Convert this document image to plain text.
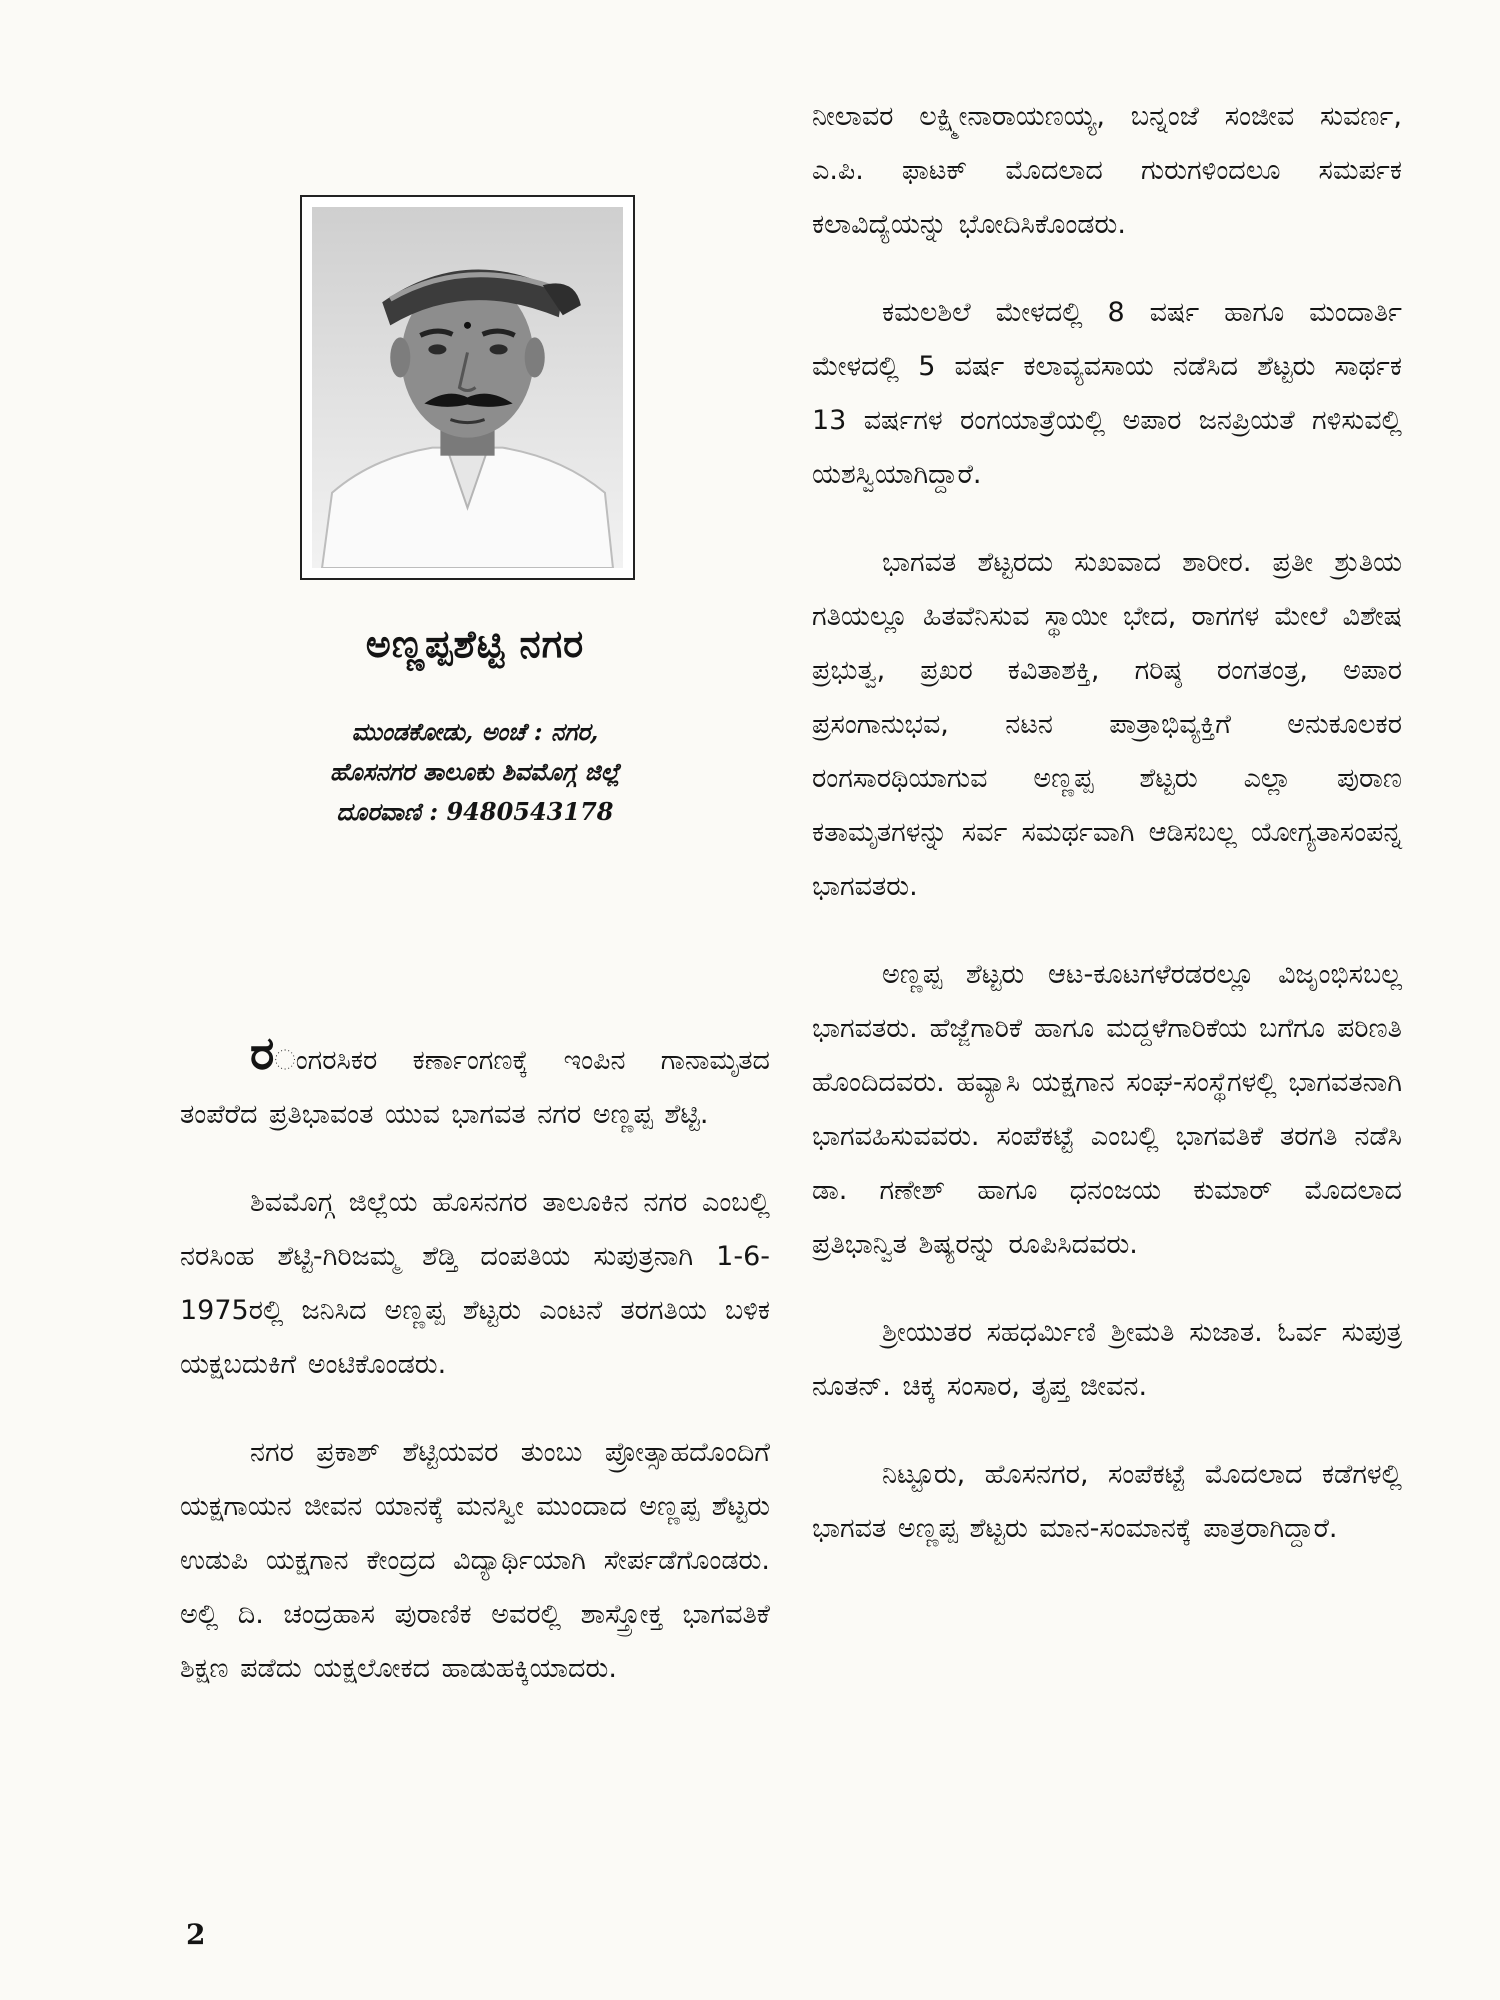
ಅಣ್ಣಪ್ಪಶೆಟ್ಟಿ ನಗರ
ಮುಂಡಕೋಡು, ಅಂಚೆ : ನಗರ,
ಹೊಸನಗರ ತಾಲೂಕು ಶಿವಮೊಗ್ಗ ಜಿಲ್ಲೆ
ದೂರವಾಣಿ : 9480543178

ರಂಗರಸಿಕರ ಕರ್ಣಾಂಗಣಕ್ಕೆ ಇಂಪಿನ ಗಾನಾಮೃತದ ತಂಪೆರೆದ ಪ್ರತಿಭಾವಂತ ಯುವ ಭಾಗವತ ನಗರ ಅಣ್ಣಪ್ಪ ಶೆಟ್ಟಿ.

ಶಿವಮೊಗ್ಗ ಜಿಲ್ಲೆಯ ಹೊಸನಗರ ತಾಲೂಕಿನ ನಗರ ಎಂಬಲ್ಲಿ ನರಸಿಂಹ ಶೆಟ್ಟಿ-ಗಿರಿಜಮ್ಮ ಶೆಡ್ತಿ ದಂಪತಿಯ ಸುಪುತ್ರನಾಗಿ 1-6-1975ರಲ್ಲಿ ಜನಿಸಿದ ಅಣ್ಣಪ್ಪ ಶೆಟ್ಟರು ಎಂಟನೆ ತರಗತಿಯ ಬಳಿಕ ಯಕ್ಷಬದುಕಿಗೆ ಅಂಟಿಕೊಂಡರು.

ನಗರ ಪ್ರಕಾಶ್ ಶೆಟ್ಟಿಯವರ ತುಂಬು ಪ್ರೋತ್ಸಾಹದೊಂದಿಗೆ ಯಕ್ಷಗಾಯನ ಜೀವನ ಯಾನಕ್ಕೆ ಮನಸ್ವೀ ಮುಂದಾದ ಅಣ್ಣಪ್ಪ ಶೆಟ್ಟರು ಉಡುಪಿ ಯಕ್ಷಗಾನ ಕೇಂದ್ರದ ವಿದ್ಯಾರ್ಥಿಯಾಗಿ ಸೇರ್ಪಡೆಗೊಂಡರು. ಅಲ್ಲಿ ದಿ. ಚಂದ್ರಹಾಸ ಪುರಾಣಿಕ ಅವರಲ್ಲಿ ಶಾಸ್ತ್ರೋಕ್ತ ಭಾಗವತಿಕೆ ಶಿಕ್ಷಣ ಪಡೆದು ಯಕ್ಷಲೋಕದ ಹಾಡುಹಕ್ಕಿಯಾದರು.

ನೀಲಾವರ ಲಕ್ಷ್ಮೀನಾರಾಯಣಯ್ಯ, ಬನ್ನಂಜೆ ಸಂಜೀವ ಸುವರ್ಣ, ಎ.ಪಿ. ಫಾಟಕ್ ಮೊದಲಾದ ಗುರುಗಳಿಂದಲೂ ಸಮರ್ಪಕ ಕಲಾವಿದ್ಯೆಯನ್ನು ಭೋದಿಸಿಕೊಂಡರು.

ಕಮಲಶಿಲೆ ಮೇಳದಲ್ಲಿ 8 ವರ್ಷ ಹಾಗೂ ಮಂದಾರ್ತಿ ಮೇಳದಲ್ಲಿ 5 ವರ್ಷ ಕಲಾವ್ಯವಸಾಯ ನಡೆಸಿದ ಶೆಟ್ಟರು ಸಾರ್ಥಕ 13 ವರ್ಷಗಳ ರಂಗಯಾತ್ರೆಯಲ್ಲಿ ಅಪಾರ ಜನಪ್ರಿಯತೆ ಗಳಿಸುವಲ್ಲಿ ಯಶಸ್ವಿಯಾಗಿದ್ದಾರೆ.

ಭಾಗವತ ಶೆಟ್ಟರದು ಸುಖವಾದ ಶಾರೀರ. ಪ್ರತೀ ಶ್ರುತಿಯ ಗತಿಯಲ್ಲೂ ಹಿತವೆನಿಸುವ ಸ್ಥಾಯೀ ಭೇದ, ರಾಗಗಳ ಮೇಲೆ ವಿಶೇಷ ಪ್ರಭುತ್ವ, ಪ್ರಖರ ಕವಿತಾಶಕ್ತಿ, ಗರಿಷ್ಠ ರಂಗತಂತ್ರ, ಅಪಾರ ಪ್ರಸಂಗಾನುಭವ, ನಟನ ಪಾತ್ರಾಭಿವ್ಯಕ್ತಿಗೆ ಅನುಕೂಲಕರ ರಂಗಸಾರಥಿಯಾಗುವ ಅಣ್ಣಪ್ಪ ಶೆಟ್ಟರು ಎಲ್ಲಾ ಪುರಾಣ ಕತಾಮೃತಗಳನ್ನು ಸರ್ವ ಸಮರ್ಥವಾಗಿ ಆಡಿಸಬಲ್ಲ ಯೋಗ್ಯತಾಸಂಪನ್ನ ಭಾಗವತರು.

ಅಣ್ಣಪ್ಪ ಶೆಟ್ಟರು ಆಟ-ಕೂಟಗಳೆರಡರಲ್ಲೂ ವಿಜೃಂಭಿಸಬಲ್ಲ ಭಾಗವತರು. ಹೆಜ್ಜೆಗಾರಿಕೆ ಹಾಗೂ ಮದ್ದಳೆಗಾರಿಕೆಯ ಬಗೆಗೂ ಪರಿಣತಿ ಹೊಂದಿದವರು. ಹವ್ಯಾಸಿ ಯಕ್ಷಗಾನ ಸಂಘ-ಸಂಸ್ಥೆಗಳಲ್ಲಿ ಭಾಗವತನಾಗಿ ಭಾಗವಹಿಸುವವರು. ಸಂಪೆಕಟ್ಟೆ ಎಂಬಲ್ಲಿ ಭಾಗವತಿಕೆ ತರಗತಿ ನಡೆಸಿ ಡಾ. ಗಣೇಶ್ ಹಾಗೂ ಧನಂಜಯ ಕುಮಾರ್ ಮೊದಲಾದ ಪ್ರತಿಭಾನ್ವಿತ ಶಿಷ್ಯರನ್ನು ರೂಪಿಸಿದವರು.

ಶ್ರೀಯುತರ ಸಹಧರ್ಮಿಣಿ ಶ್ರೀಮತಿ ಸುಜಾತ. ಓರ್ವ ಸುಪುತ್ರ ನೂತನ್. ಚಿಕ್ಕ ಸಂಸಾರ, ತೃಪ್ತ ಜೀವನ.

ನಿಟ್ಟೂರು, ಹೊಸನಗರ, ಸಂಪೆಕಟ್ಟೆ ಮೊದಲಾದ ಕಡೆಗಳಲ್ಲಿ ಭಾಗವತ ಅಣ್ಣಪ್ಪ ಶೆಟ್ಟರು ಮಾನ-ಸಂಮಾನಕ್ಕೆ ಪಾತ್ರರಾಗಿದ್ದಾರೆ.

2
